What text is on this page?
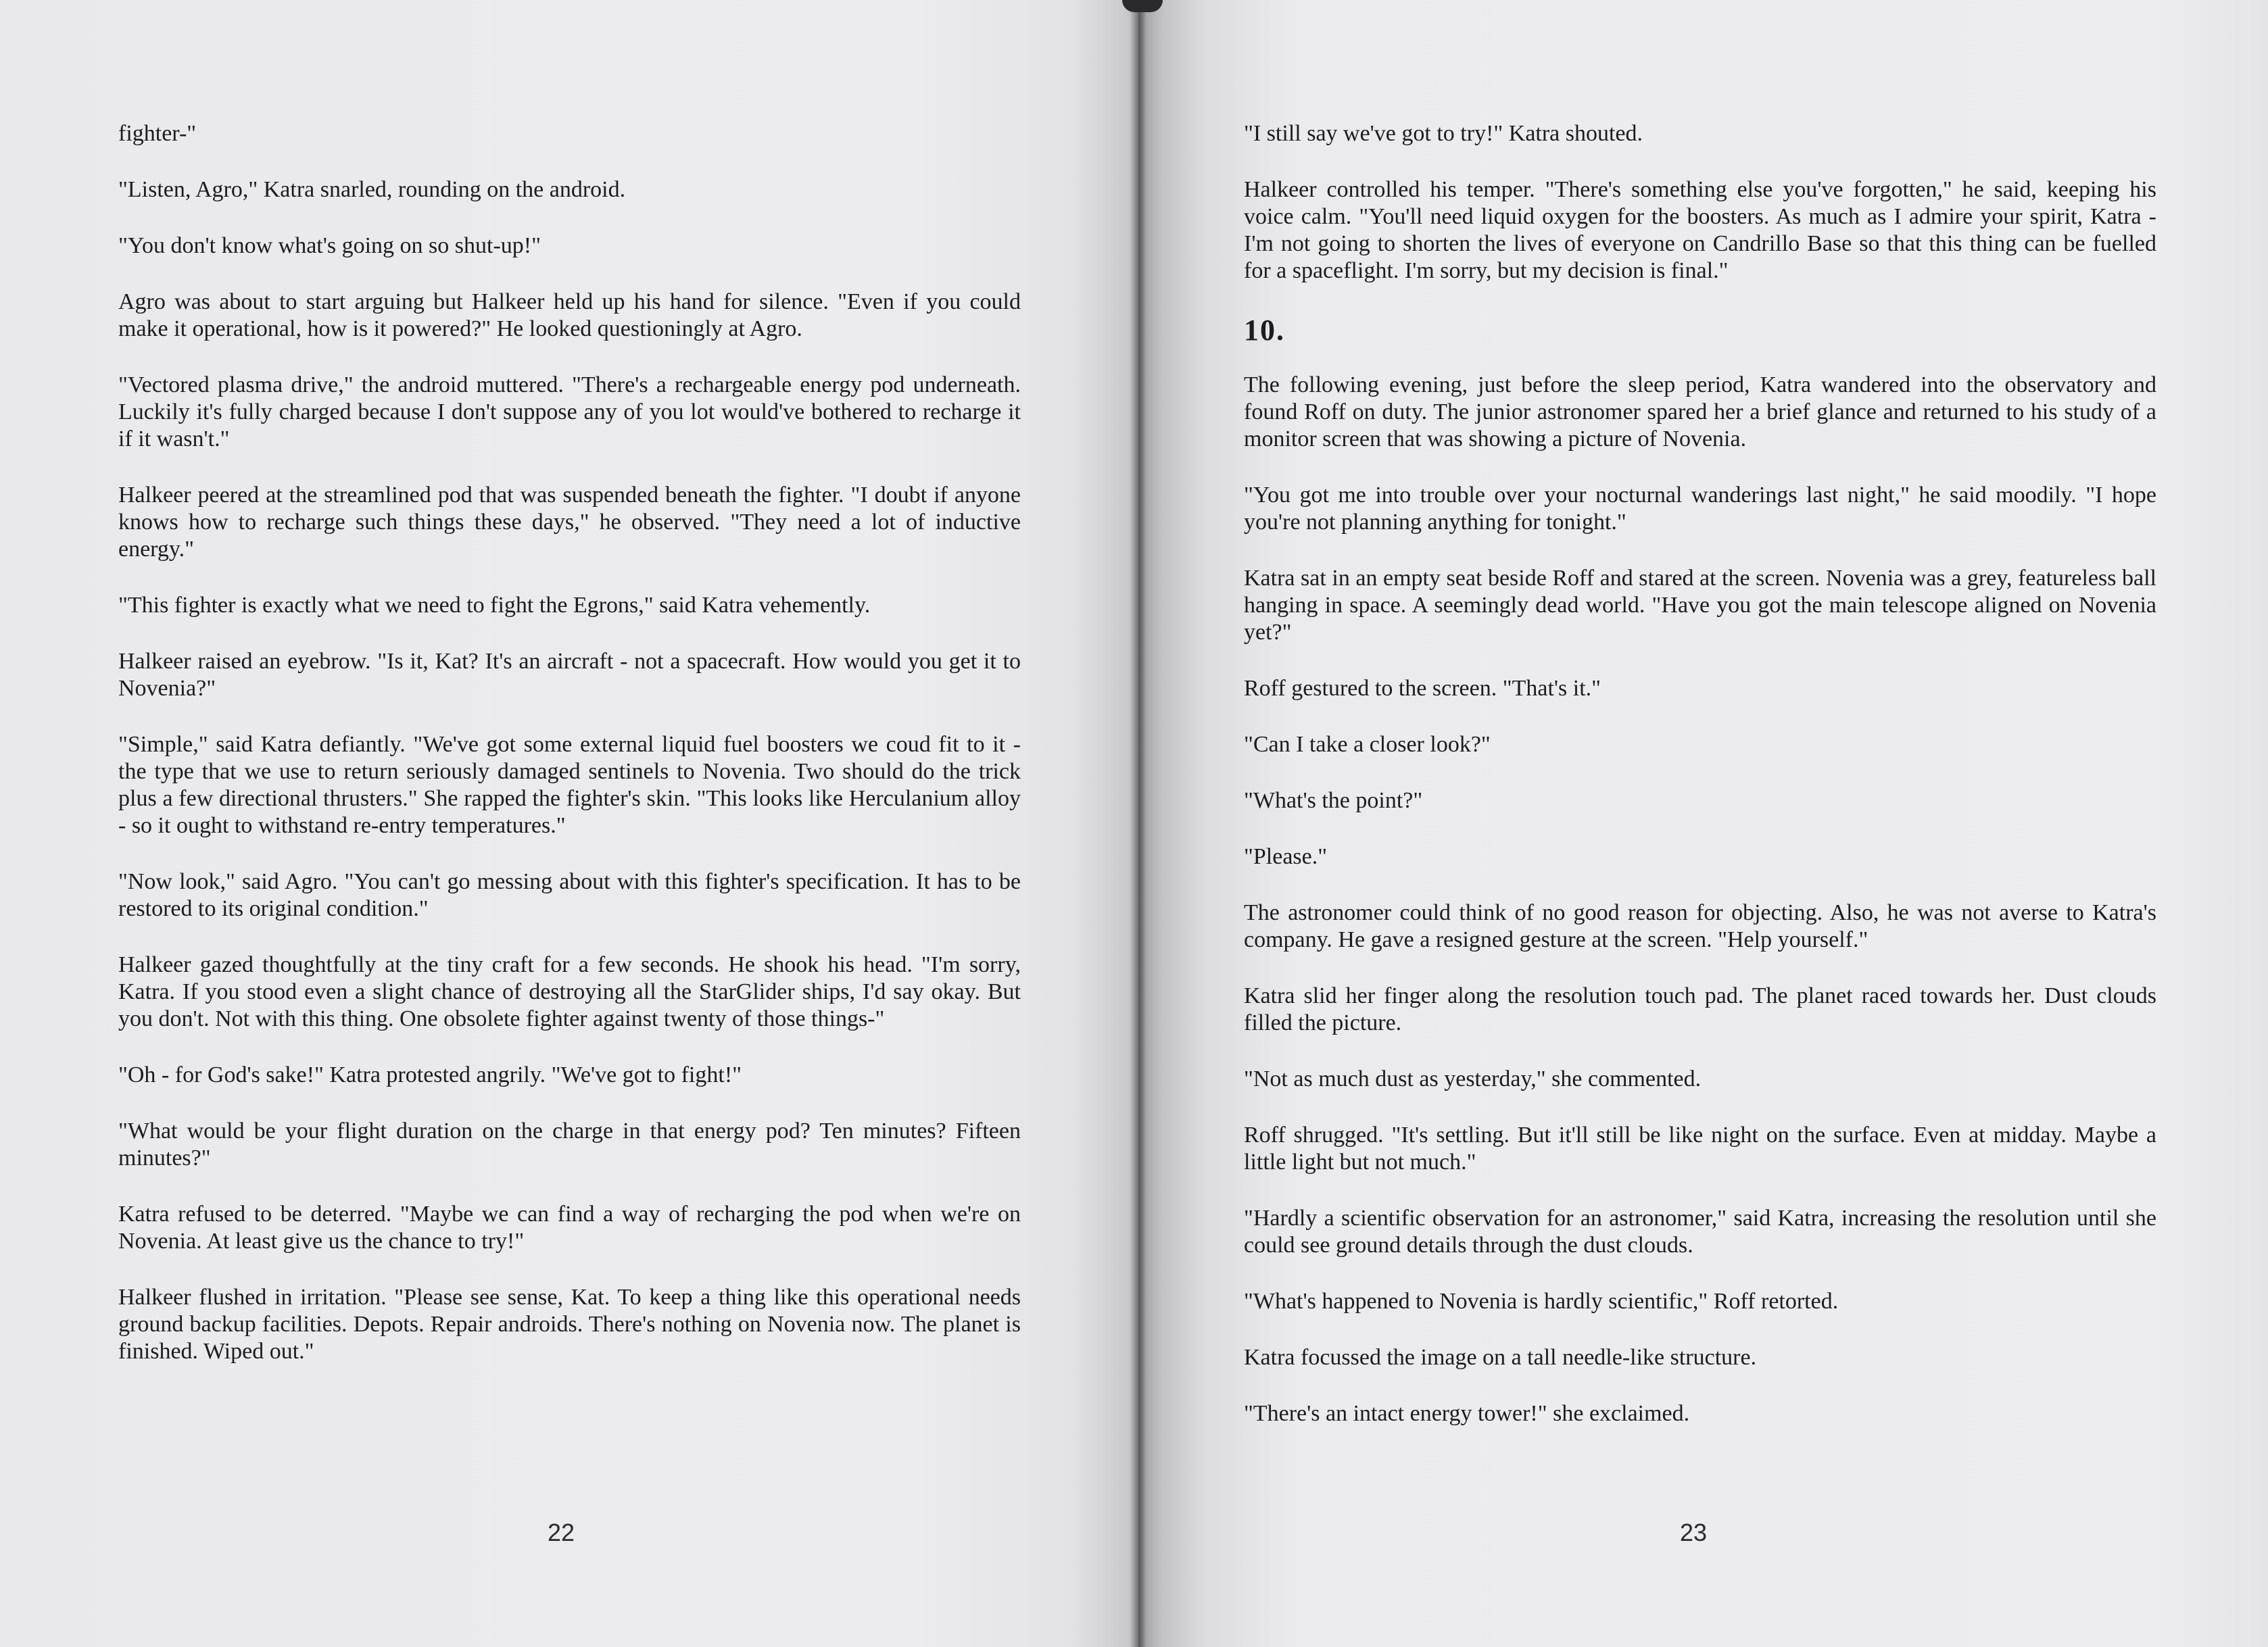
fighter-"

"Listen, Agro," Katra snarled, rounding on the android.

"You don't know what's going on so shut-up!"

Agro was about to start arguing but Halkeer held up his hand for silence. "Even if you could make it operational, how is it powered?" He looked questioningly at Agro.

"Vectored plasma drive," the android muttered. "There's a rechargeable energy pod underneath. Luckily it's fully charged because I don't suppose any of you lot would've bothered to recharge it if it wasn't."

Halkeer peered at the streamlined pod that was suspended beneath the fighter. "I doubt if anyone knows how to recharge such things these days," he observed. "They need a lot of inductive energy."

"This fighter is exactly what we need to fight the Egrons," said Katra vehemently.

Halkeer raised an eyebrow. "Is it, Kat? It's an aircraft - not a spacecraft. How would you get it to Novenia?"

"Simple," said Katra defiantly. "We've got some external liquid fuel boosters we coud fit to it - the type that we use to return seriously damaged sentinels to Novenia. Two should do the trick plus a few directional thrusters." She rapped the fighter's skin. "This looks like Herculanium alloy - so it ought to withstand re-entry temperatures."

"Now look," said Agro. "You can't go messing about with this fighter's specification. It has to be restored to its original condition."

Halkeer gazed thoughtfully at the tiny craft for a few seconds. He shook his head. "I'm sorry, Katra. If you stood even a slight chance of destroying all the StarGlider ships, I'd say okay. But you don't. Not with this thing. One obsolete fighter against twenty of those things-"

"Oh - for God's sake!" Katra protested angrily. "We've got to fight!"

"What would be your flight duration on the charge in that energy pod? Ten minutes? Fifteen minutes?"

Katra refused to be deterred. "Maybe we can find a way of recharging the pod when we're on Novenia. At least give us the chance to try!"

Halkeer flushed in irritation. "Please see sense, Kat. To keep a thing like this operational needs ground backup facilities. Depots. Repair androids. There's nothing on Novenia now. The planet is finished. Wiped out."

22

"I still say we've got to try!" Katra shouted.

Halkeer controlled his temper. "There's something else you've forgotten," he said, keeping his voice calm. "You'll need liquid oxygen for the boosters. As much as I admire your spirit, Katra - I'm not going to shorten the lives of everyone on Candrillo Base so that this thing can be fuelled for a spaceflight. I'm sorry, but my decision is final."

10.

The following evening, just before the sleep period, Katra wandered into the observatory and found Roff on duty. The junior astronomer spared her a brief glance and returned to his study of a monitor screen that was showing a picture of Novenia.

"You got me into trouble over your nocturnal wanderings last night," he said moodily. "I hope you're not planning anything for tonight."

Katra sat in an empty seat beside Roff and stared at the screen. Novenia was a grey, featureless ball hanging in space. A seemingly dead world. "Have you got the main telescope aligned on Novenia yet?"

Roff gestured to the screen. "That's it."

"Can I take a closer look?"

"What's the point?"

"Please."

The astronomer could think of no good reason for objecting. Also, he was not averse to Katra's company. He gave a resigned gesture at the screen. "Help yourself."

Katra slid her finger along the resolution touch pad. The planet raced towards her. Dust clouds filled the picture.

"Not as much dust as yesterday," she commented.

Roff shrugged. "It's settling. But it'll still be like night on the surface. Even at midday. Maybe a little light but not much."

"Hardly a scientific observation for an astronomer," said Katra, increasing the resolution until she could see ground details through the dust clouds.

"What's happened to Novenia is hardly scientific," Roff retorted.

Katra focussed the image on a tall needle-like structure.

"There's an intact energy tower!" she exclaimed.

23
